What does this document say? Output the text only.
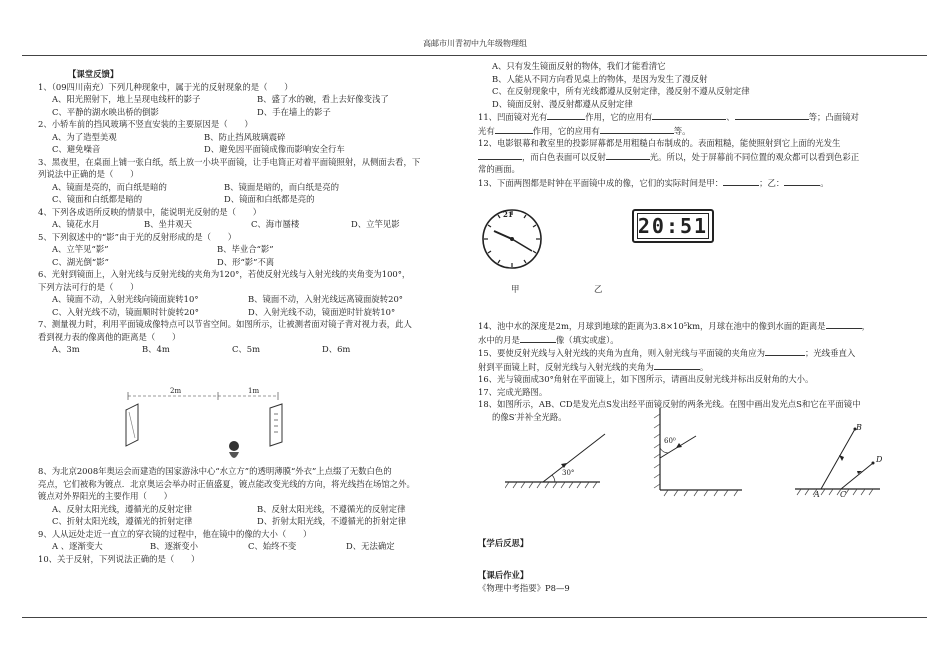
高邮市川青初中九年级物理组

【课堂反馈】

1、（09四川南充）下列几种现象中，属于光的反射现象的是（　　）

A、阳光照射下，地上呈现电线杆的影子	B、盛了水的碗，看上去好像变浅了
C、平静的湖水映出桥的倒影	D、手在墙上的影子

2、小轿车前的挡风玻璃不竖直安装的主要原因是（　　）

A、为了造型美观	B、防止挡风玻璃震碎
C、避免噪音	D、避免因平面镜成像而影响安全行车

3、黑夜里，在桌面上铺一张白纸，纸上放一小块平面镜，让手电筒正对着平面镜照射，从侧面去看，下

列说法中正确的是（　　）

A、镜面是亮的，而白纸是暗的	B、镜面是暗的，而白纸是亮的
C、镜面和白纸都是暗的	D、镜面和白纸都是亮的

4、下列各成语所反映的情景中，能说明光反射的是（　　）

A、镜花水月	B、坐井观天	C、海市蜃楼	D、立竿见影

5、下列叙述中的“影”由于光的反射形成的是（　　）

A、立竿见“影”	B、毕业合“影”
C、湖光倒“影”	D、形“影”不离

6、光射到镜面上，入射光线与反射光线的夹角为120°，若使反射光线与入射光线的夹角变为100°，

下列方法可行的是（　　）

A、镜面不动，入射光线向镜面旋转10°	B、镜面不动，入射光线远离镜面旋转20°
C、入射光线不动，镜面顺时针旋转20°	D、入射光线不动，镜面逆时针旋转10°

7、测量视力时，利用平面镜成像特点可以节省空间。如图所示，让被测者面对镜子背对视力表，此人

看到视力表的像离他的距离是（　　）

A、3m	B、4m	C、5m	D、6m
2m	1m

8、为北京2008年奥运会而建造的国家游泳中心“水立方”的透明薄膜“外衣”上点缀了无数白色的

亮点，它们被称为镀点．北京奥运会举办时正值盛夏，镀点能改变光线的方向，将光线挡在场馆之外。

镀点对外界阳光的主要作用（　　）

A、反射太阳光线，遵循光的反射定律	B、反射太阳光线，不遵循光的反射定律
C、折射太阳光线，遵循光的折射定律	D、折射太阳光线，不遵循光的折射定律

9、人从远处走近一直立的穿衣镜的过程中，他在镜中的像的大小（　　）

A 、逐渐变大	B、逐渐变小	C、始终不变	D、无法确定

10、关于反射，下列说法正确的是（　　）

A、只有发生镜面反射的物体，我们才能看清它

B、人能从不同方向看见桌上的物体，是因为发生了漫反射

C、在反射现象中，所有光线都遵从反射定律，漫反射不遵从反射定律

D、镜面反射、漫反射都遵从反射定律

11、凹面镜对光有	作用，它的应用有	、	等；凸面镜对

光有	作用，它的应用有	等。

12、电影银幕和教室里的投影屏幕都是用粗糙白布制成的。表面粗糙，能使照射到它上面的光发生

，而白色表面可以反射	光。所以，处于屏幕前不同位置的观众都可以看到色彩正

常的画面。

13、下面两图都是时钟在平面镜中成的像，它们的实际时间是甲：	；乙：	。

21	20:51
甲	乙

14、池中水的深度是2m，月球到地球的距离为3.8×10⁵km，月球在池中的像到水面的距离是	，

水中的月是	像（填实或虚）。

15、要使反射光线与入射光线的夹角为直角，则入射光线与平面镜的夹角应为	；光线垂直入

射到平面镜上时，反射光线与入射光线的夹角为	。

16、光与镜面成30°角射在平面镜上，如下图所示，请画出反射光线并标出反射角的大小。

17、完成光路图。

18、如图所示，AB、CD是发光点S发出经平面镜反射的两条光线。在图中画出发光点S和它在平面镜中

的像S′并补全光路。

30°
60⁰
B
D
A	C

【学后反思】

【课后作业】

《物理中考指要》P8—9
